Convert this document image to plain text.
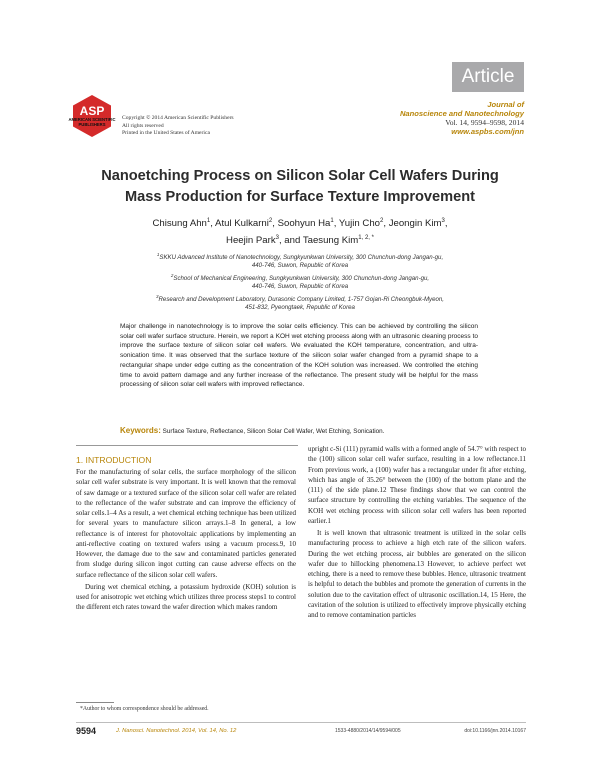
Article
ASP
AMERICAN SCIENTIFIC PUBLISHERS
Copyright © 2014 American Scientific Publishers
All rights reserved
Printed in the United States of America
Journal of
Nanoscience and Nanotechnology
Vol. 14, 9594–9598, 2014
www.aspbs.com/jnn
Nanoetching Process on Silicon Solar Cell Wafers During
Mass Production for Surface Texture Improvement
Chisung Ahn$^1$, Atul Kulkarni$^2$, Soohyun Ha$^1$, Yujin Cho$^2$, Jeongin Kim$^3$,
Heejin Park$^3$, and Taesung Kim$^{1, 2, *}$
$^1$SKKU Advanced Institute of Nanotechnology, Sungkyunkwan University, 300 Chunchun-dong Jangan-gu,
440-746, Suwon, Republic of Korea
$^2$School of Mechanical Engineering, Sungkyunkwan University, 300 Chunchun-dong Jangan-gu,
440-746, Suwon, Republic of Korea
$^3$Research and Development Laboratory, Durasonic Company Limited, 1-757 Gojan-Ri Cheongbuk-Myeon,
451-832, Pyeongtaek, Republic of Korea
Major challenge in nanotechnology is to improve the solar cells efficiency. This can be achieved by controlling the silicon solar cell wafer surface structure. Herein, we report a KOH wet etching process along with an ultrasonic cleaning process to improve the surface texture of silicon solar cell wafers. We evaluated the KOH temperature, concentration, and ultra-sonication time. It was observed that the surface texture of the silicon solar wafer changed from a pyramid shape to a rectangular shape under edge cutting as the concentration of the KOH solution was increased. We controlled the etching time to avoid pattern damage and any further increase of the reflectance. The present study will be helpful for the mass processing of silicon solar cell wafers with improved reflectance.
Keywords: Surface Texture, Reflectance, Silicon Solar Cell Wafer, Wet Etching, Sonication.
1. INTRODUCTION

For the manufacturing of solar cells, the surface morphology of the silicon solar cell wafer substrate is very important. It is well known that the removal of saw damage or a textured surface of the silicon solar cell wafer are related to the reflectance of the wafer substrate and can improve the efficiency of solar cells.1–4 As a result, a wet chemical etching technique has been utilized for several years to manufacture silicon arrays.1–8 In general, a low reflectance is of interest for photovoltaic applications by implementing an anti-reflective coating on textured wafers using a vacuum process.9, 10 However, the damage due to the saw and contaminated particles generated from sludge during silicon ingot cutting can cause adverse effects on the surface reflectance of the silicon solar cell wafers.

During wet chemical etching, a potassium hydroxide (KOH) solution is used for anisotropic wet etching which utilizes three process steps1 to control the different etch rates toward the wafer direction which makes random

upright c-Si (111) pyramid walls with a formed angle of 54.7° with respect to the (100) silicon solar cell wafer surface, resulting in a low reflectance.11 From previous work, a (100) wafer has a rectangular under fit after etching, which has angle of 35.26° between the (100) of the bottom plane and the (111) of the side plane.12 These findings show that we can control the surface structure by controlling the etching variables. The sequence of the KOH wet etching process with silicon solar cell wafers has been reported earlier.1

It is well known that ultrasonic treatment is utilized in the solar cells manufacturing process to achieve a high etch rate of the silicon wafers. During the wet etching process, air bubbles are generated on the silicon wafer due to hillocking phenomena.13 However, to achieve perfect wet etching, there is a need to remove these bubbles. Hence, ultrasonic treatment is helpful to detach the bubbles and promote the generation of currents in the solution due to the cavitation effect of ultrasonic oscillation.14, 15 Here, the cavitation of the solution is utilized to effectively improve physically etching and to remove contamination particles

*Author to whom correspondence should be addressed.
9594	J. Nanosci. Nanotechnol. 2014, Vol. 14, No. 12	1533-4880/2014/14/9594/005	doi:10.1166/jnn.2014.10167
